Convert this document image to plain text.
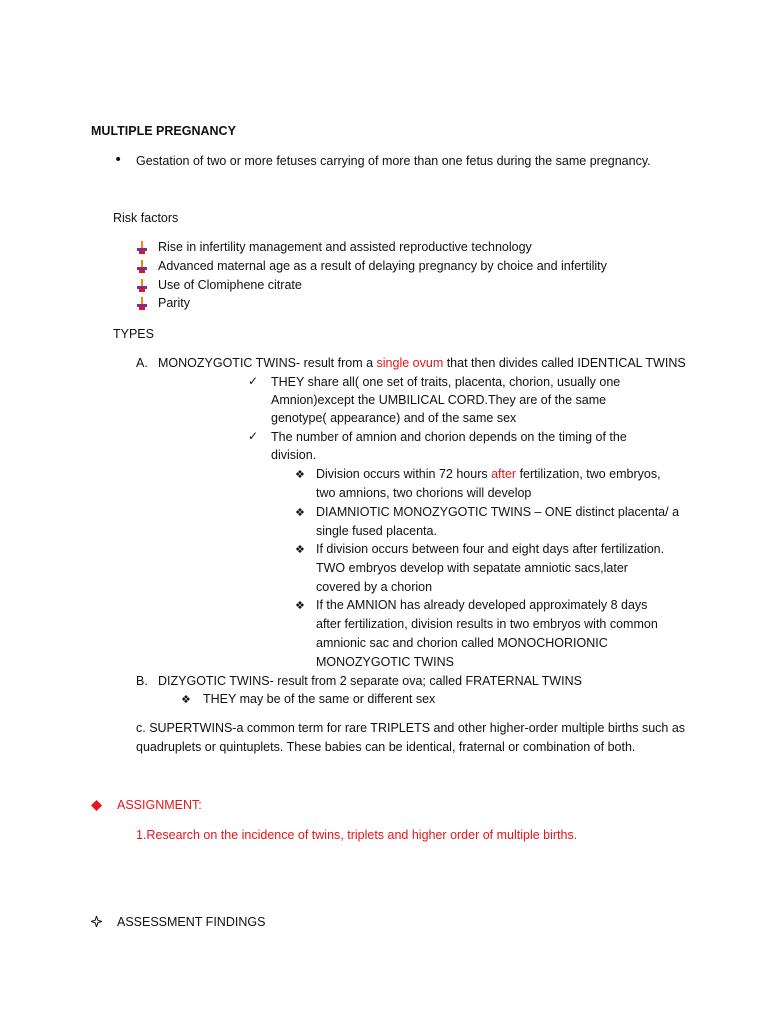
MULTIPLE PREGNANCY
• Gestation of two or more fetuses carrying of more than one fetus during the same pregnancy.
Risk factors
Rise in infertility management and assisted reproductive technology
Advanced maternal age as a result of delaying pregnancy by choice and infertility
Use of Clomiphene citrate
Parity
TYPES
A. MONOZYGOTIC TWINS- result from a single ovum that then divides called IDENTICAL TWINS
✓ THEY share all( one set of traits, placenta, chorion, usually one
Amnion)except the UMBILICAL CORD.They are of the same
genotype( appearance) and of the same sex
✓ The number of amnion and chorion depends on the timing of the
division.
❖ Division occurs within 72 hours after fertilization, two embryos,
two amnions, two chorions will develop
❖ DIAMNIOTIC MONOZYGOTIC TWINS – ONE distinct placenta/ a
single fused placenta.
❖ If division occurs between four and eight days after fertilization.
TWO embryos develop with sepatate amniotic sacs,later
covered by a chorion
❖ If the AMNION has already developed approximately 8 days
after fertilization, division results in two embryos with common
amnionic sac and chorion called MONOCHORIONIC
MONOZYGOTIC TWINS
B. DIZYGOTIC TWINS- result from 2 separate ova; called FRATERNAL TWINS
❖ THEY may be of the same or different sex
c. SUPERTWINS-a common term for rare TRIPLETS and other higher-order multiple births such as
quadruplets or quintuplets. These babies can be identical, fraternal or combination of both.
ASSIGNMENT:
1.Research on the incidence of twins, triplets and higher order of multiple births.
ASSESSMENT FINDINGS
